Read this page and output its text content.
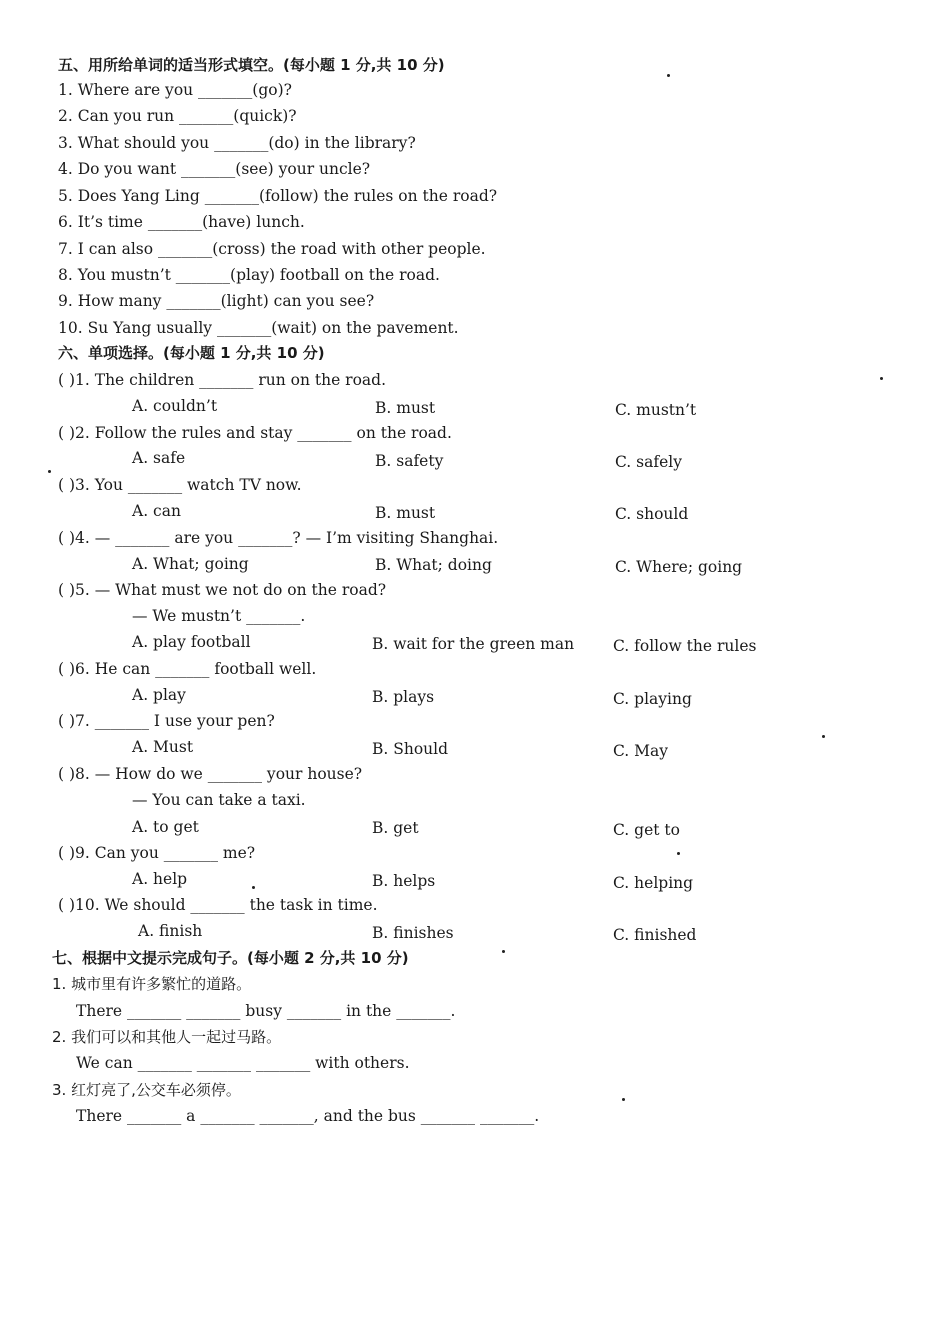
五、用所给单词的适当形式填空。(每小题 1 分,共 10 分)
1. Where are you _______(go)?
2. Can you run _______(quick)?
3. What should you _______(do) in the library?
4. Do you want _______(see) your uncle?
5. Does Yang Ling _______(follow) the rules on the road?
6. It’s time _______(have) lunch.
7. I can also _______(cross) the road with other people.
8. You mustn’t _______(play) football on the road.
9. How many _______(light) can you see?
10. Su Yang usually _______(wait) on the pavement.
六、单项选择。(每小题 1 分,共 10 分)
( )1. The children _______ run on the road.
A. couldn’t	B. must	C. mustn’t
( )2. Follow the rules and stay _______ on the road.
A. safe	B. safety	C. safely
( )3. You _______ watch TV now.
A. can	B. must	C. should
( )4. — _______ are you _______? — I’m visiting Shanghai.
A. What; going	B. What; doing	C. Where; going
( )5. — What must we not do on the road?
— We mustn’t _______.
A. play football	B. wait for the green man	C. follow the rules
( )6. He can _______ football well.
A. play	B. plays	C. playing
( )7. _______ I use your pen?
A. Must	B. Should	C. May
( )8. — How do we _______ your house?
— You can take a taxi.
A. to get	B. get	C. get to
( )9. Can you _______ me?
A. help	B. helps	C. helping
( )10. We should _______ the task in time.
A. finish	B. finishes	C. finished
七、根据中文提示完成句子。(每小题 2 分,共 10 分)
1. 城市里有许多繁忙的道路。
There _______ _______ busy _______ in the _______.
2. 我们可以和其他人一起过马路。
We can _______ _______ _______ with others.
3. 红灯亮了,公交车必须停。
There _______ a _______ _______, and the bus _______ _______.
